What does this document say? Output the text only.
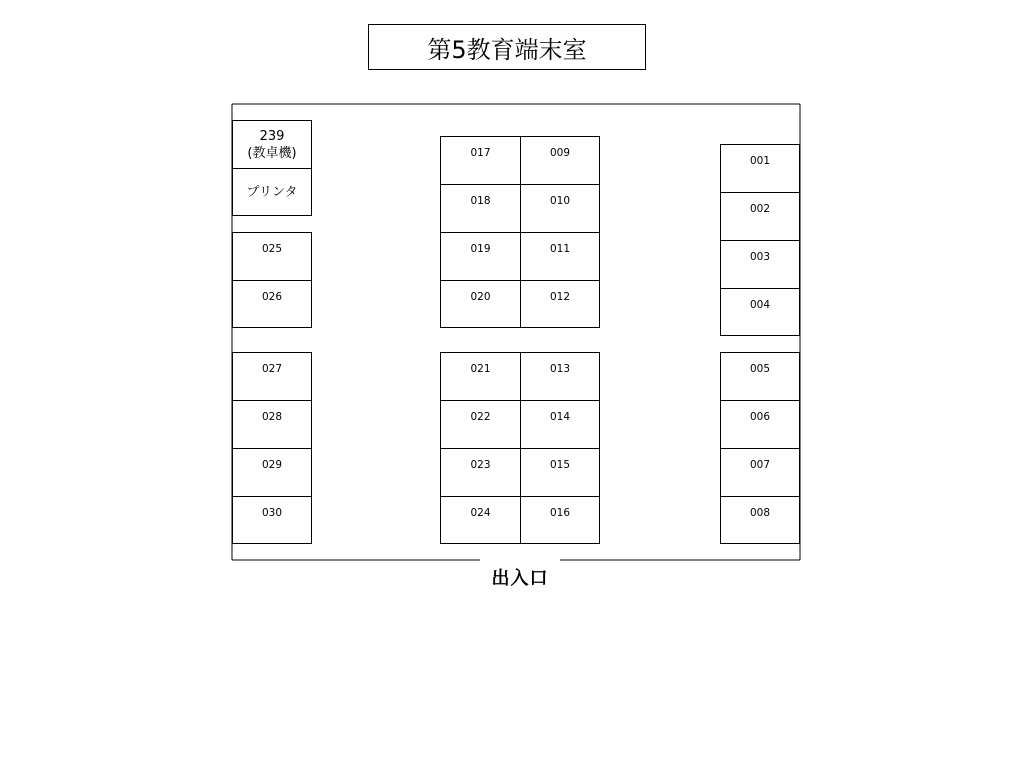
第5教育端末室
239
(教卓機)
プリンタ
025
026
027
028
029
030
017
018
019
020
021
022
023
024
009
010
011
012
013
014
015
016
001
002
003
004
005
006
007
008
出入口
